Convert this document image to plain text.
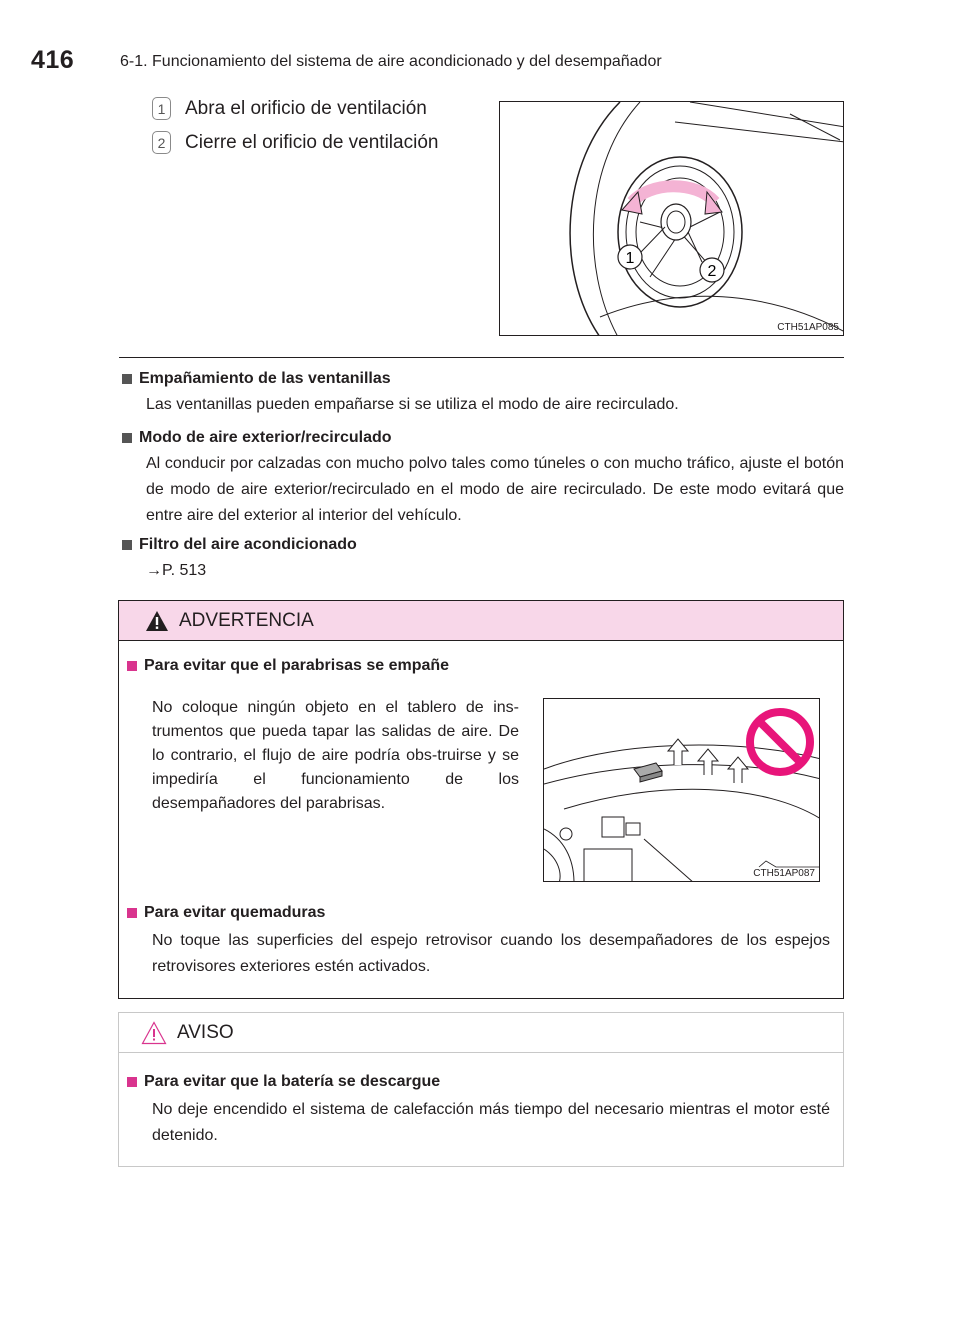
416	6-1. Funcionamiento del sistema de aire acondicionado y del desempañador
1 Abra el orificio de ventilación
2 Cierre el orificio de ventilación
1
2
CTH51AP085
Empañamiento de las ventanillas
Las ventanillas pueden empañarse si se utiliza el modo de aire recirculado.
Modo de aire exterior/recirculado
Al conducir por calzadas con mucho polvo tales como túneles o con mucho tráfico, ajuste el botón de modo de aire exterior/recirculado en el modo de aire recirculado. De este modo evitará que entre aire del exterior al interior del vehículo.
Filtro del aire acondicionado
→P. 513
ADVERTENCIA
Para evitar que el parabrisas se empañe
No coloque ningún objeto en el tablero de ins-trumentos que pueda tapar las salidas de aire. De lo contrario, el flujo de aire podría obs-truirse y se impediría el funcionamiento de los desempañadores del parabrisas.
CTH51AP087
Para evitar quemaduras
No toque las superficies del espejo retrovisor cuando los desempañadores de los espejos retrovisores exteriores estén activados.
AVISO
Para evitar que la batería se descargue
No deje encendido el sistema de calefacción más tiempo del necesario mientras el motor esté detenido.
